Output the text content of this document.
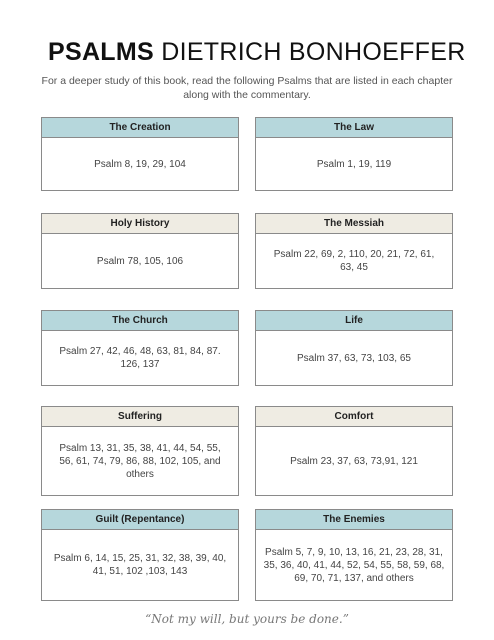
PSALMS DIETRICH BONHOEFFER
For a deeper study of this book, read the following Psalms that are listed in each chapter along with the commentary.
The Creation
Psalm 8, 19, 29, 104
The Law
Psalm 1, 19, 119
Holy History
Psalm 78, 105, 106
The Messiah
Psalm 22, 69, 2, 110, 20, 21, 72, 61, 63, 45
The Church
Psalm 27, 42, 46, 48, 63, 81, 84, 87. 126, 137
Life
Psalm 37, 63, 73, 103, 65
Suffering
Psalm 13, 31, 35, 38, 41, 44, 54, 55, 56, 61, 74, 79, 86, 88, 102, 105, and others
Comfort
Psalm 23, 37, 63, 73,91, 121
Guilt (Repentance)
Psalm 6, 14, 15, 25, 31, 32, 38, 39, 40, 41, 51, 102 ,103, 143
The Enemies
Psalm 5, 7, 9, 10, 13, 16, 21, 23, 28, 31, 35, 36, 40, 41, 44, 52, 54, 55, 58, 59, 68, 69, 70, 71, 137, and others
“Not my will, but yours be done.”
